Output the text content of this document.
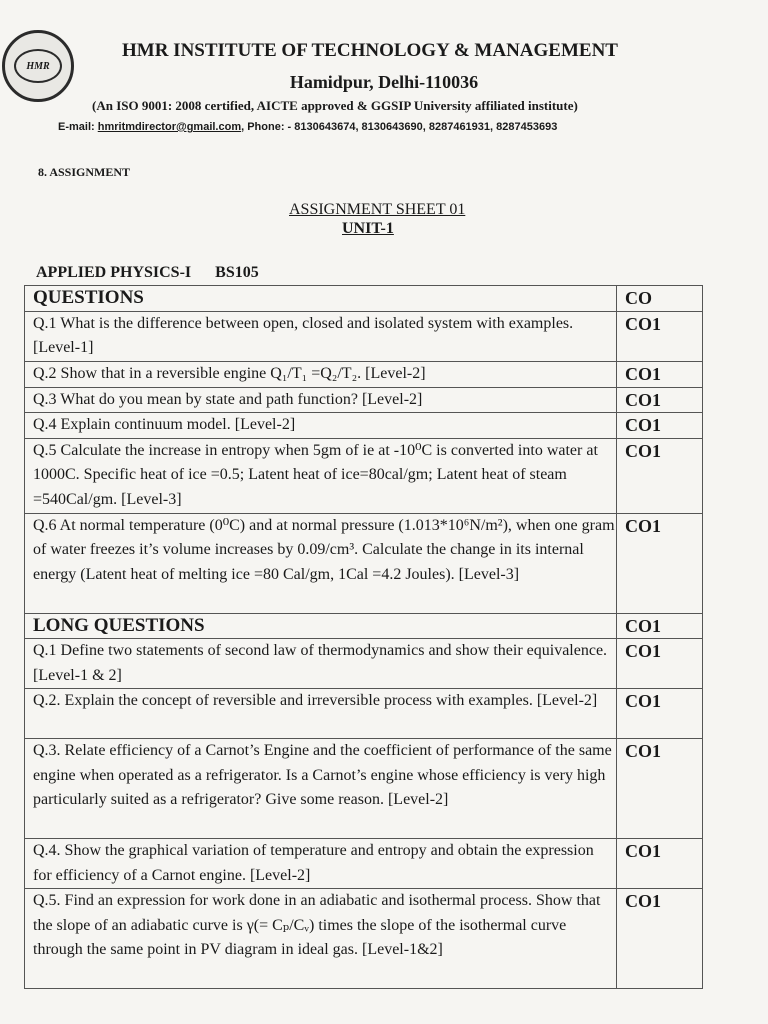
HMR
HMR INSTITUTE OF TECHNOLOGY & MANAGEMENT
Hamidpur, Delhi-110036
(An ISO 9001: 2008 certified, AICTE approved & GGSIP University affiliated institute)
E-mail: hmritmdirector@gmail.com, Phone: - 8130643674, 8130643690, 8287461931, 8287453693
8. ASSIGNMENT
ASSIGNMENT SHEET 01
UNIT-1
APPLIED PHYSICS-I BS105
QUESTIONS	CO
Q.1 What is the difference between open, closed and isolated system with examples. [Level-1]	CO1
Q.2 Show that in a reversible engine Q₁/T₁ =Q₂/T₂. [Level-2]	CO1
Q.3 What do you mean by state and path function? [Level-2]	CO1
Q.4 Explain continuum model. [Level-2]	CO1
Q.5 Calculate the increase in entropy when 5gm of ie at -10⁰C is converted into water at 1000C. Specific heat of ice =0.5; Latent heat of ice=80cal/gm; Latent heat of steam =540Cal/gm. [Level-3]	CO1
Q.6 At normal temperature (0⁰C) and at normal pressure (1.013*10⁶N/m²), when one gram of water freezes it’s volume increases by 0.09/cm³. Calculate the change in its internal energy (Latent heat of melting ice =80 Cal/gm, 1Cal =4.2 Joules). [Level-3]	CO1
LONG QUESTIONS	CO1
Q.1 Define two statements of second law of thermodynamics and show their equivalence. [Level-1 & 2]	CO1
Q.2. Explain the concept of reversible and irreversible process with examples. [Level-2]	CO1
Q.3. Relate efficiency of a Carnot’s Engine and the coefficient of performance of the same engine when operated as a refrigerator. Is a Carnot’s engine whose efficiency is very high particularly suited as a refrigerator? Give some reason. [Level-2]	CO1
Q.4. Show the graphical variation of temperature and entropy and obtain the expression for efficiency of a Carnot engine. [Level-2]	CO1
Q.5. Find an expression for work done in an adiabatic and isothermal process. Show that the slope of an adiabatic curve is γ(= Cₚ/Cᵥ) times the slope of the isothermal curve through the same point in PV diagram in ideal gas. [Level-1&2]	CO1
